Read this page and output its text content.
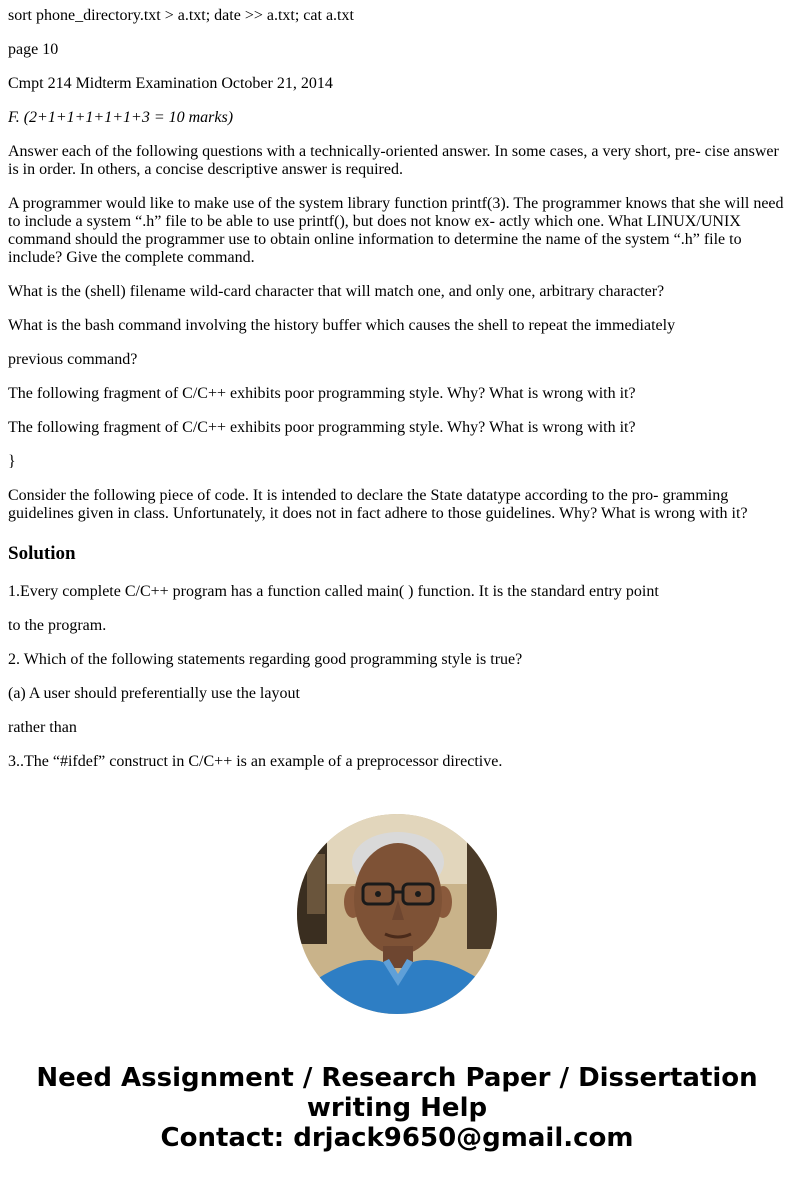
sort phone_directory.txt > a.txt; date >> a.txt; cat a.txt

page 10

Cmpt 214 Midterm Examination October 21, 2014

F. (2+1+1+1+1+1+3 = 10 marks)

Answer each of the following questions with a technically-oriented answer. In some cases, a very short, pre- cise answer is in order. In others, a concise descriptive answer is required.

A programmer would like to make use of the system library function printf(3). The programmer knows that she will need to include a system “.h” file to be able to use printf(), but does not know ex- actly which one. What LINUX/UNIX command should the programmer use to obtain online information to determine the name of the system “.h” file to include? Give the complete command.

What is the (shell) filename wild-card character that will match one, and only one, arbitrary character?

What is the bash command involving the history buffer which causes the shell to repeat the immediately

previous command?

The following fragment of C/C++ exhibits poor programming style. Why? What is wrong with it?

The following fragment of C/C++ exhibits poor programming style. Why? What is wrong with it?

}

Consider the following piece of code. It is intended to declare the State datatype according to the pro- gramming guidelines given in class. Unfortunately, it does not in fact adhere to those guidelines. Why? What is wrong with it?

Solution

1.Every complete C/C++ program has a function called main( ) function. It is the standard entry point

to the program.

2. Which of the following statements regarding good programming style is true?

(a) A user should preferentially use the layout

rather than

3..The “#ifdef” construct in C/C++ is an example of a preprocessor directive.

Need Assignment / Research Paper / Dissertation
writing Help
Contact: drjack9650@gmail.com
